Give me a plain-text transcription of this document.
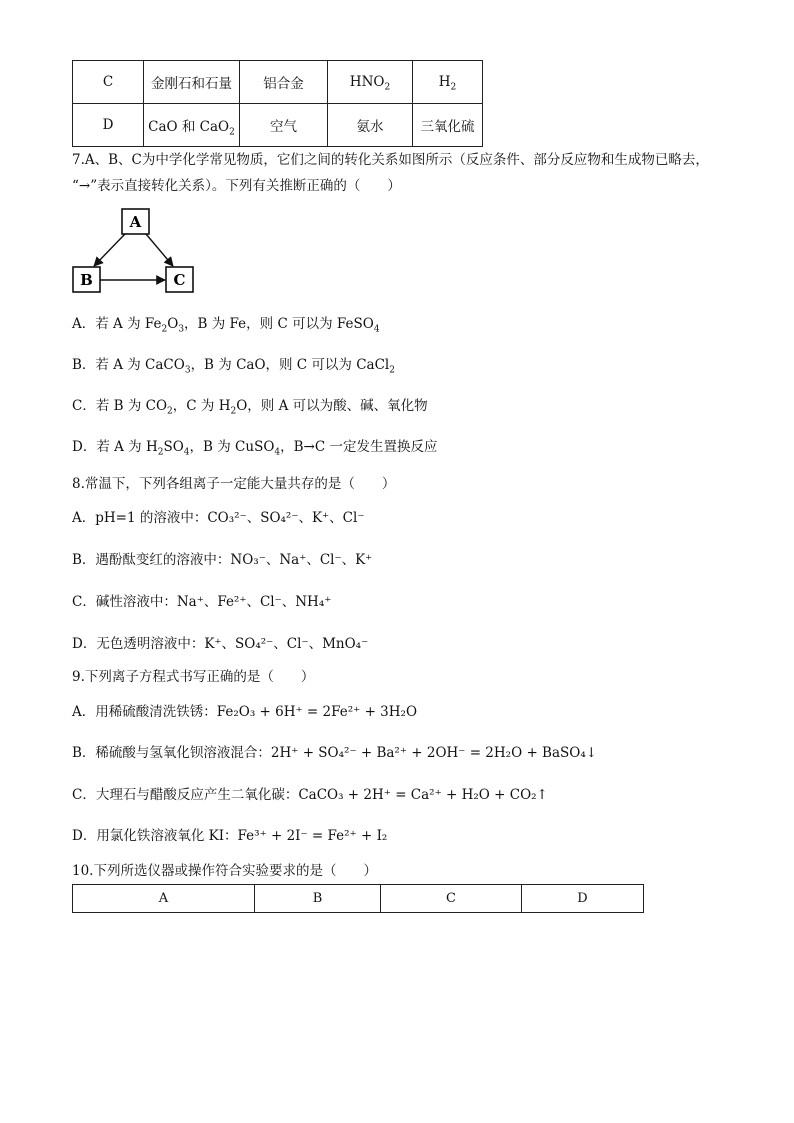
C	金刚石和石量	铝合金	$HNO_2$	$H_2$
D	CaO 和 CaO$_2$	空气	氨水	三氧化硫
7.A、B、C为中学化学常见物质，它们之间的转化关系如图所示（反应条件、部分反应物和生成物已略去，
“→”表示直接转化关系）。下列有关推断正确的（　　）
A
B	C
A．若 A 为 $Fe_2O_3$，B 为 Fe，则 C 可以为 FeSO$_4$
B．若 A 为 CaCO$_3$，B 为 CaO，则 C 可以为 CaCl$_2$
C．若 B 为 $CO_2$，C 为 $H_2O$，则 A 可以为酸、碱、氧化物
D．若 A 为 $H_2SO_4$，B 为 CuSO$_4$，B→C 一定发生置换反应
8.常温下，下列各组离子一定能大量共存的是（　　）
A．pH=1 的溶液中：CO₃²⁻、SO₄²⁻、K⁺、Cl⁻
B．遇酚酞变红的溶液中：NO₃⁻、Na⁺、Cl⁻、K⁺
C．碱性溶液中：Na⁺、Fe²⁺、Cl⁻、NH₄⁺
D．无色透明溶液中：K⁺、SO₄²⁻、Cl⁻、MnO₄⁻
9.下列离子方程式书写正确的是（　　）
A．用稀硫酸清洗铁锈：Fe₂O₃ + 6H⁺ = 2Fe²⁺ + 3H₂O
B．稀硫酸与氢氧化钡溶液混合：2H⁺ + SO₄²⁻ + Ba²⁺ + 2OH⁻ = 2H₂O + BaSO₄↓
C．大理石与醋酸反应产生二氧化碳：CaCO₃ + 2H⁺ = Ca²⁺ + H₂O + CO₂↑
D．用氯化铁溶液氧化 KI：Fe³⁺ + 2I⁻ = Fe²⁺ + I₂
10.下列所选仪器或操作符合实验要求的是（　　）
A	B	C	D
